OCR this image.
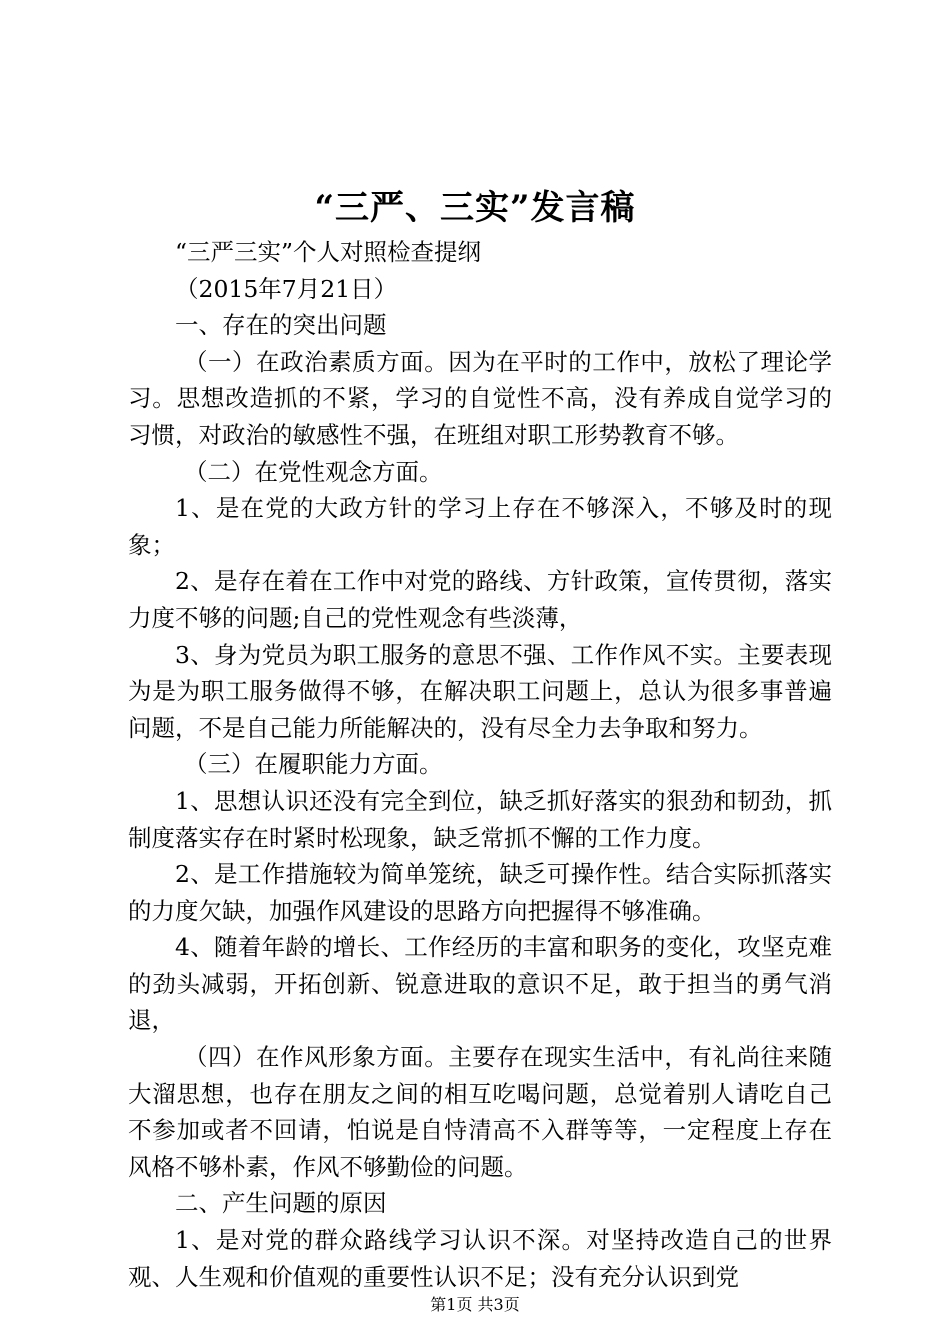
“三严、三实”发言稿

“三严三实”个人对照检查提纲

（2015年7月21日）

一、存在的突出问题

（一）在政治素质方面。因为在平时的工作中，放松了理论学习。思想改造抓的不紧，学习的自觉性不高，没有养成自觉学习的习惯，对政治的敏感性不强，在班组对职工形势教育不够。

（二）在党性观念方面。

1、是在党的大政方针的学习上存在不够深入，不够及时的现象；

2、是存在着在工作中对党的路线、方针政策，宣传贯彻，落实力度不够的问题;自己的党性观念有些淡薄，

3、身为党员为职工服务的意思不强、工作作风不实。主要表现为是为职工服务做得不够，在解决职工问题上，总认为很多事普遍问题，不是自己能力所能解决的，没有尽全力去争取和努力。

（三）在履职能力方面。

1、思想认识还没有完全到位，缺乏抓好落实的狠劲和韧劲，抓制度落实存在时紧时松现象，缺乏常抓不懈的工作力度。

2、是工作措施较为简单笼统，缺乏可操作性。结合实际抓落实的力度欠缺，加强作风建设的思路方向把握得不够准确。

4、随着年龄的增长、工作经历的丰富和职务的变化，攻坚克难的劲头减弱，开拓创新、锐意进取的意识不足，敢于担当的勇气消退，

（四）在作风形象方面。主要存在现实生活中，有礼尚往来随大溜思想，也存在朋友之间的相互吃喝问题，总觉着别人请吃自己不参加或者不回请，怕说是自恃清高不入群等等，一定程度上存在风格不够朴素，作风不够勤俭的问题。

二、产生问题的原因

1、是对党的群众路线学习认识不深。对坚持改造自己的世界观、人生观和价值观的重要性认识不足；没有充分认识到党

第1页 共3页
